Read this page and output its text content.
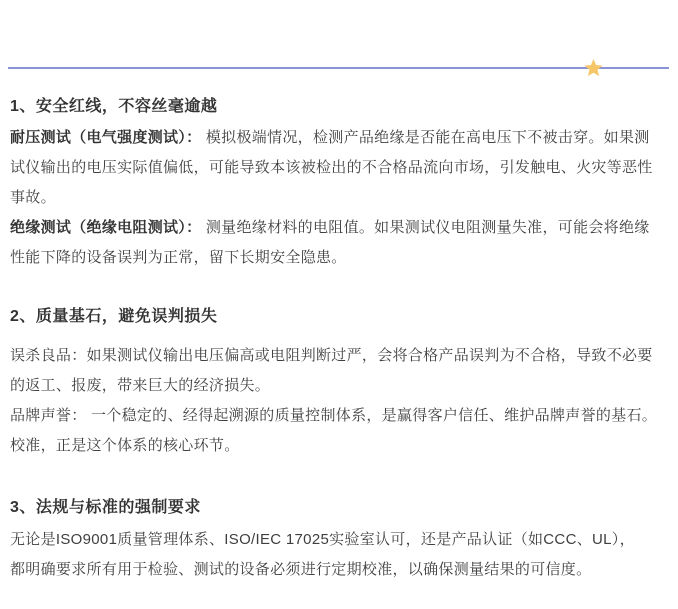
1、安全红线，不容丝毫逾越
耐压测试（电气强度测试）： 模拟极端情况，检测产品绝缘是否能在高电压下不被击穿。如果测
试仪输出的电压实际值偏低，可能导致本该被检出的不合格品流向市场，引发触电、火灾等恶性
事故。
绝缘测试（绝缘电阻测试）： 测量绝缘材料的电阻值。如果测试仪电阻测量失准，可能会将绝缘
性能下降的设备误判为正常，留下长期安全隐患。
2、质量基石，避免误判损失
误杀良品：如果测试仪输出电压偏高或电阻判断过严，会将合格产品误判为不合格，导致不必要
的返工、报废，带来巨大的经济损失。
品牌声誉： 一个稳定的、经得起溯源的质量控制体系，是赢得客户信任、维护品牌声誉的基石。
校准，正是这个体系的核心环节。
3、法规与标准的强制要求
无论是ISO9001质量管理体系、ISO/IEC 17025实验室认可，还是产品认证（如CCC、UL），
都明确要求所有用于检验、测试的设备必须进行定期校准，以确保测量结果的可信度。
